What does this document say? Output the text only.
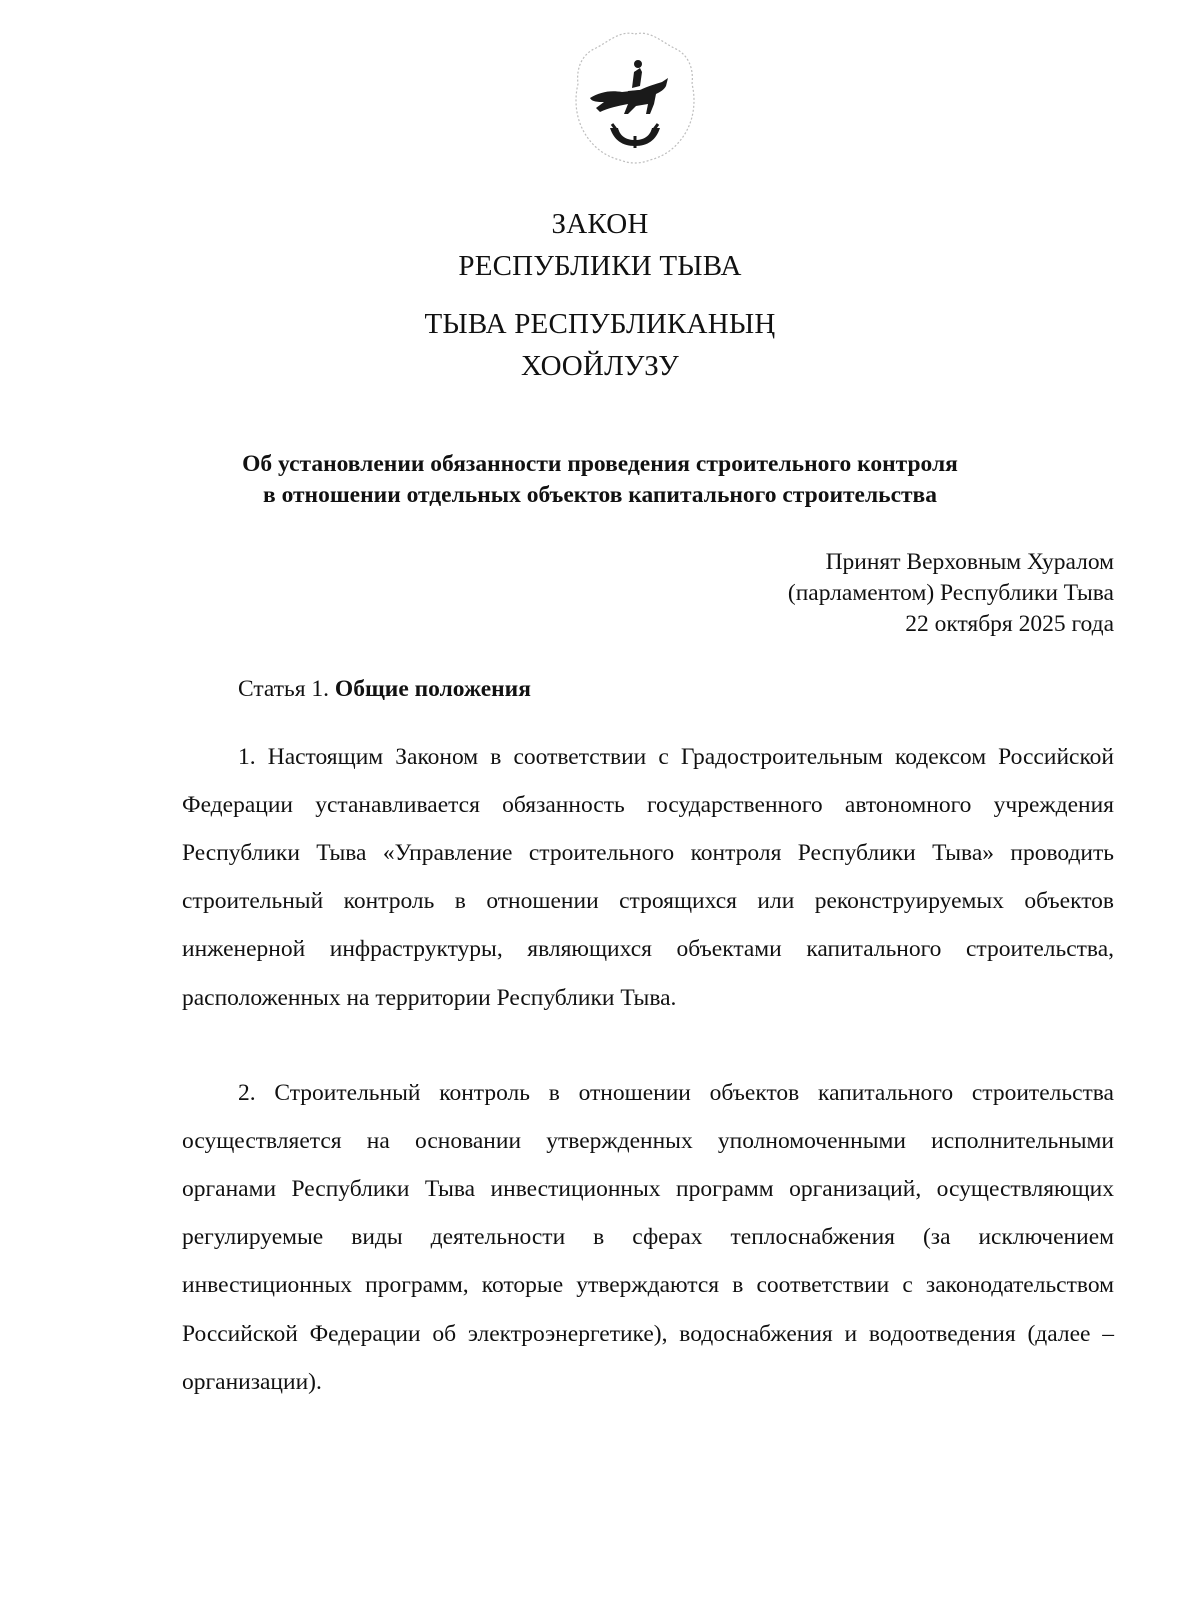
ЗАКОН
РЕСПУБЛИКИ ТЫВА
ТЫВА РЕСПУБЛИКАНЫҢ
ХООЙЛУЗУ
Об установлении обязанности проведения строительного контроля
в отношении отдельных объектов капитального строительства
Принят Верховным Хуралом
(парламентом) Республики Тыва
22 октября 2025 года
Статья 1. Общие положения

1. Настоящим Законом в соответствии с Градостроительным кодексом Российской Федерации устанавливается обязанность государственного автономного учреждения Республики Тыва «Управление строительного контроля Республики Тыва» проводить строительный контроль в отношении строящихся или реконструируемых объектов инженерной инфраструктуры, являющихся объектами капитального строительства, расположенных на территории Республики Тыва.

2. Строительный контроль в отношении объектов капитального строительства осуществляется на основании утвержденных уполномоченными исполнительными органами Республики Тыва инвестиционных программ организаций, осуществляющих регулируемые виды деятельности в сферах теплоснабжения (за исключением инвестиционных программ, которые утверждаются в соответствии с законодательством Российской Федерации об электроэнергетике), водоснабжения и водоотведения (далее – организации).
